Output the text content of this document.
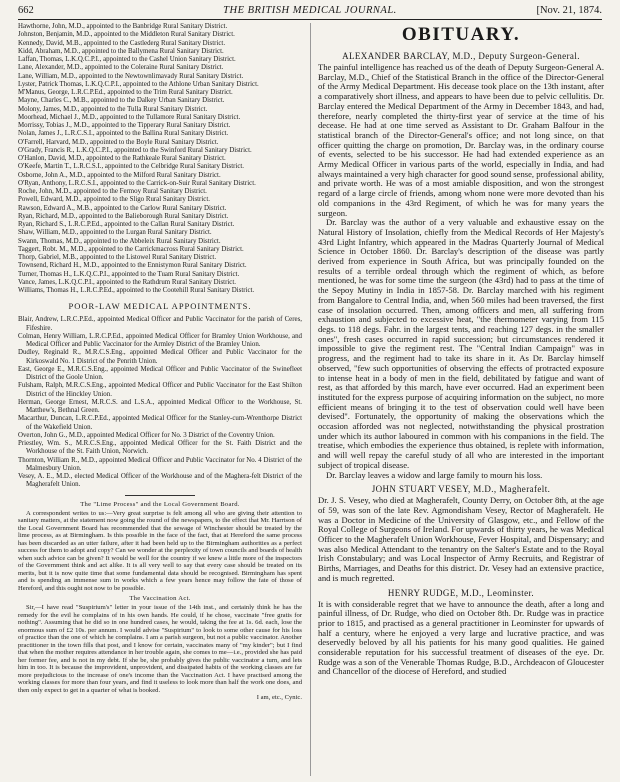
662	THE BRITISH MEDICAL JOURNAL.	[Nov. 21, 1874.

Hawthorne, John, M.D., appointed to the Banbridge Rural Sanitary District.

Johnston, Benjamin, M.D., appointed to the Middleton Rural Sanitary District.

Kennedy, David, M.B., appointed to the Castlederg Rural Sanitary District.

Kidd, Abraham, M.D., appointed to the Ballymena Rural Sanitary District.

Laffan, Thomas, L.K.Q.C.P.I., appointed to the Cashel Union Sanitary District.

Lane, Alexander, M.D., appointed to the Coleraine Rural Sanitary District.

Lane, William, M.D., appointed to the Newtownlimavady Rural Sanitary District.

Lyster, Patrick Thomas, L.K.Q.C.P.I., appointed to the Athlone Urban Sanitary District.

M'Manus, George, L.R.C.P.Ed., appointed to the Trim Rural Sanitary District.

Mayne, Charles C., M.B., appointed to the Dalkey Urban Sanitary District.

Molony, James, M.D., appointed to the Tulla Rural Sanitary District.

Moorhead, Michael J., M.D., appointed to the Tullamore Rural Sanitary District.

Morrissy, Tobias J., M.D., appointed to the Tipperary Rural Sanitary District.

Nolan, James J., L.R.C.S.I., appointed to the Ballina Rural Sanitary District.

O'Farrell, Harvard, M.D., appointed to the Boyle Rural Sanitary District.

O'Grady, Francis R., L.K.Q.C.P.I., appointed to the Swinford Rural Sanitary District.

O'Hanlon, David, M.D., appointed to the Rathkeale Rural Sanitary District.

O'Keefe, Martin T., L.R.C.S.I., appointed to the Celbridge Rural Sanitary District.

Osborne, John A., M.D., appointed to the Milford Rural Sanitary District.

O'Ryan, Anthony, L.R.C.S.I., appointed to the Carrick-on-Suir Rural Sanitary District.

Roche, John, M.D., appointed to the Fermoy Rural Sanitary District.

Powell, Edward, M.D., appointed to the Sligo Rural Sanitary District.

Rawson, Edward A., M.B., appointed to the Carlow Rural Sanitary District.

Ryan, Richard, M.D., appointed to the Balieborough Rural Sanitary District.

Ryan, Richard S., L.R.C.P.Ed., appointed to the Callan Rural Sanitary District.

Shaw, William, M.D., appointed to the Lurgan Rural Sanitary District.

Swann, Thomas, M.D., appointed to the Abbeleix Rural Sanitary District.

Taggert, Robt. M., M.D., appointed to the Carrickmacross Rural Sanitary District.

Thorp, Gabriel, M.B., appointed to the Listowel Rural Sanitary District.

Townsend, Richard H., M.D., appointed to the Ennistymon Rural Sanitary District.

Turner, Thomas H., L.K.Q.C.P.I., appointed to the Tuam Rural Sanitary District.

Vance, James, L.K.Q.C.P.I., appointed to the Rathdrum Rural Sanitary District.

Williams, Thomas H., L.R.C.P.Ed., appointed to the Cootehill Rural Sanitary District.

POOR-LAW MEDICAL APPOINTMENTS.

Blair, Andrew, L.R.C.P.Ed., appointed Medical Officer and Public Vaccinator for the parish of Ceres, Fifeshire.

Colman, Henry William, L.R.C.P.Ed., appointed Medical Officer for Bramley Union Workhouse, and Medical Officer and Public Vaccinator for the Armley District of the Bramley Union.

Dudley, Reginald R., M.R.C.S.Eng., appointed Medical Officer and Public Vaccinator for the Kirkoswald No. 1 District of the Penrith Union.

East, George E., M.R.C.S.Eng., appointed Medical Officer and Public Vaccinator of the Swinefleet District of the Goole Union.

Fulsham, Ralph, M.R.C.S.Eng., appointed Medical Officer and Public Vaccinator for the East Shilton District of the Hinckley Union.

Herman, George Ernest, M.R.C.S. and L.S.A., appointed Medical Officer to the Workhouse, St. Matthew's, Bethnal Green.

Macarthur, Duncan, L.R.C.P.Ed., appointed Medical Officer for the Stanley-cum-Wrenthorpe District of the Wakefield Union.

Overton, John G., M.D., appointed Medical Officer for No. 3 District of the Coventry Union.

Priestley, Wm. S., M.R.C.S.Eng., appointed Medical Officer for the St. Faith District and the Workhouse of the St. Faith Union, Norwich.

Thornton, William R., M.D., appointed Medical Officer and Public Vaccinator for No. 4 District of the Malmesbury Union.

Vesey, A. E., M.D., elected Medical Officer of the Workhouse and of the Maghera-felt District of the Magherafelt Union.

The "Lime Process" and the Local Government Board.

A correspondent writes to us:—Very great surprise is felt among all who are giving their attention to sanitary matters, at the statement now going the round of the newspapers, to the effect that Mr. Harrison of the Local Government Board has recommended that the sewage of Winchester should be treated by the lime process, as at Birmingham. Is this possible in the face of the fact, that at Hereford the same process has been discarded as an utter failure, after it had been held up to the Birmingham authorities as a perfect success for them to adopt and copy? Can we wonder at the perplexity of town councils and boards of health when such advice can be given? It would be well for the country if we knew a little more of the inspectors of the Government think and act alike. It is all very well to say that every case should be treated on its merits, but it is now quite time that some fundamental data should be recognised. Birmingham has spent and is spending an immense sum in works which a few years hence may follow the fate of those of Hereford, and this ought not now to be possible.

The Vaccination Act.

Sir,—I have read "Suspirium's" letter in your issue of the 14th inst., and certainly think he has the remedy for the evil he complains of in his own hands. He could, if he chose, vaccinate "free gratis for nothing". Assuming that he did so in one hundred cases, he would, taking the fee at 1s. 6d. each, lose the enormous sum of £2 10s. per annum. I would advise "Suspirium" to look to some other cause for his loss of practice than the one of which he complains. I am a parish surgeon, but not a public vaccinator. Another practitioner in the town fills that post, and I know for certain, vaccinates many of "my kinder"; but I find that when the mother requires attendance in her trouble again, she comes to me—i.e., provided she has paid her former fee, and is not in my debt. If she be, she probably gives the public vaccinator a turn, and lets him in too. It is because the improvident, unprovident, and dissipated habits of the working classes are far more prejudicious to the increase of one's income than the Vaccination Act. I have practised among the working classes for more than four years, and find it useless to look more than half the work one does, and then only expect to get in a quarter of what is booked.

I am, etc., Cynic.

OBITUARY.
ALEXANDER BARCLAY, M.D., Deputy Surgeon-General.

The painful intelligence has reached us of the death of Deputy Surgeon-General A. Barclay, M.D., Chief of the Statistical Branch in the office of the Director-General of the Army Medical Department. His decease took place on the 13th instant, after a comparatively short illness, and appears to have been due to pelvic cellulitis. Dr. Barclay entered the Medical Department of the Army in December 1843, and had, therefore, nearly completed the thirty-first year of service at the time of his decease. He had at one time served as Assistant to Dr. Graham Balfour in the statistical branch of the Director-General's office; and not long since, on that officer quitting the charge on promotion, Dr. Barclay was, in the ordinary course of events, selected to be his successor. He had had extended experience as an Army Medical Officer in various parts of the world, especially in India, and had always maintained a very high character for good sound sense, professional ability, and private worth. He was of a most amiable disposition, and won the strongest regard of a large circle of friends, among whom none were more devoted than his old companions in the 43rd Regiment, of which he was for many years the surgeon.

Dr. Barclay was the author of a very valuable and exhaustive essay on the Natural History of Insolation, chiefly from the Medical Records of Her Majesty's 43rd Light Infantry, which appeared in the Madras Quarterly Journal of Medical Science in October 1860. Dr. Barclay's description of the disease was partly derived from experience in South Africa, but was principally founded on the results of a terrible ordeal through which the regiment of which, as before mentioned, he was for some time the surgeon (the 43rd) had to pass at the time of the Sepoy Mutiny in India in 1857-58. Dr. Barclay marched with his regiment from Bangalore to Central India, and, when 560 miles had been traversed, the first case of insolation occurred. Then, among officers and men, all suffering from exhaustion and subjected to excessive heat, "the thermometer varying from 115 degs. to 118 degs. Fahr. in the largest tents, and reaching 127 degs. in the smaller ones", fresh cases occurred in rapid succession; but circumstances rendered it impossible to give the regiment rest. The "Central Indian Campaign" was in progress, and the regiment had to take its share in it. As Dr. Barclay himself observed, "few such opportunities of observing the effects of protracted exposure to intense heat in a body of men in the field, debilitated by fatigue and want of rest, as that afforded by this march, have ever occurred. Had an experiment been instituted for the express purpose of acquiring information on the subject, no more efficient means of bringing it to the test of observation could well have been devised". Fortunately, the opportunity of making the observations which the occasion afforded was not neglected, notwithstanding the physical prostration under which its author laboured in common with his companions in the field. The treatise, which embodies the experience thus obtained, is replete with information, and will well repay the careful study of all who are interested in the important subject of tropical disease.

Dr. Barclay leaves a widow and large family to mourn his loss.

JOHN STUART VESEY, M.D., Magherafelt.

Dr. J. S. Vesey, who died at Magherafelt, County Derry, on October 8th, at the age of 59, was son of the late Rev. Agmondisham Vesey, Rector of Magherafelt. He was a Doctor in Medicine of the University of Glasgow, etc., and Fellow of the Royal College of Surgeons of Ireland. For upwards of thirty years, he was Medical Officer to the Magherafelt Union Workhouse, Fever Hospital, and Dispensary; and was also Medical Attendant to the tenantry on the Salter's Estate and to the Royal Irish Constabulary; and was Local Inspector of Army Recruits, and Registrar of Births, Marriages, and Deaths for this district. Dr. Vesey had an extensive practice, and is much regretted.

HENRY RUDGE, M.D., Leominster.

It is with considerable regret that we have to announce the death, after a long and painful illness, of Dr. Rudge, who died on October 8th. Dr. Rudge was in practice prior to 1815, and practised as a general practitioner in Leominster for upwards of half a century, where he enjoyed a very large and lucrative practice, and was deservedly beloved by all his patients for his many good qualities. He gained considerable reputation for his successful treatment of diseases of the eye. Dr. Rudge was a son of the Venerable Thomas Rudge, B.D., Archdeacon of Gloucester and Chancellor of the diocese of Hereford, and studied
